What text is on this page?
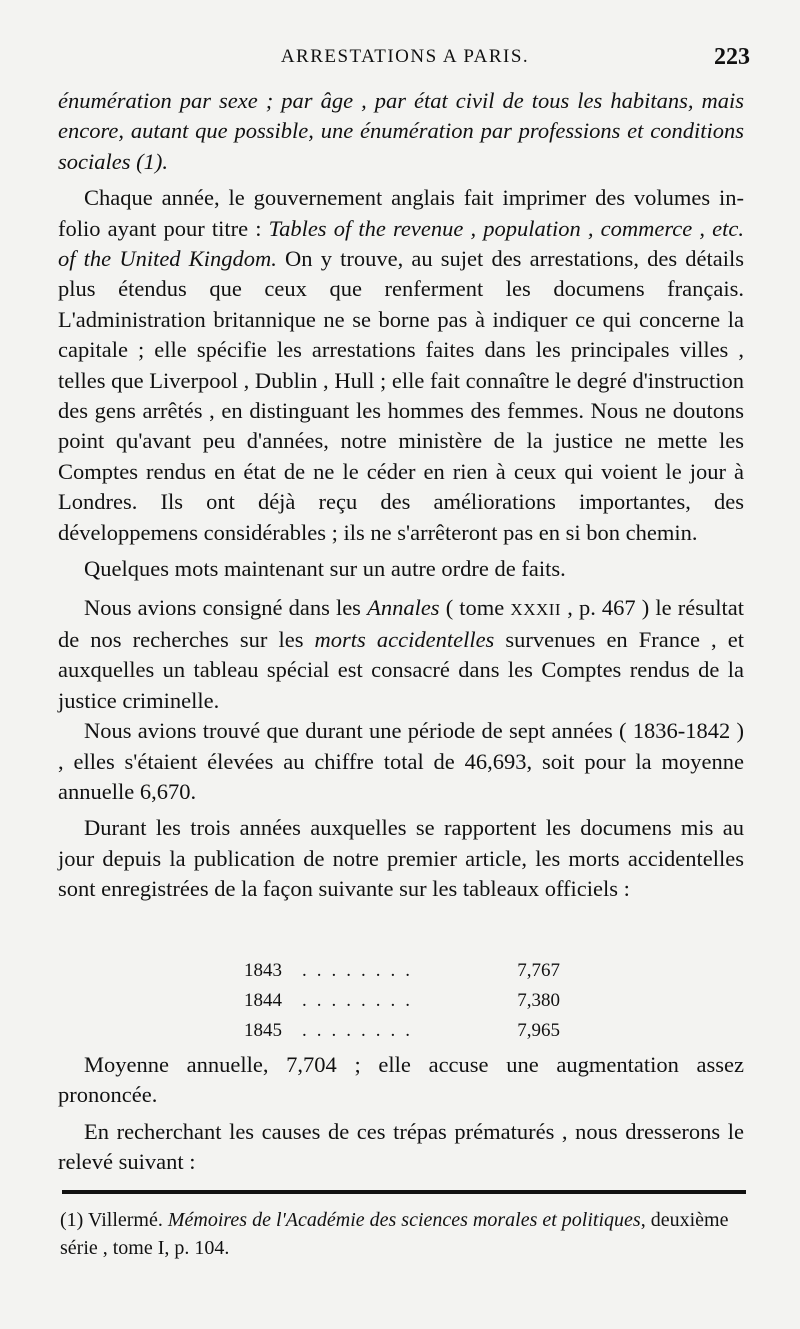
ARRESTATIONS A PARIS.	223

énumération par sexe ; par âge , par état civil de tous les habitans, mais encore, autant que possible, une énumération par professions et conditions sociales (1).

Chaque année, le gouvernement anglais fait imprimer des volumes in-folio ayant pour titre : Tables of the revenue , population , commerce , etc. of the United Kingdom. On y trouve, au sujet des arrestations, des détails plus étendus que ceux que renferment les documens français. L'administration britannique ne se borne pas à indiquer ce qui concerne la capitale ; elle spécifie les arrestations faites dans les principales villes , telles que Liverpool , Dublin , Hull ; elle fait connaître le degré d'instruction des gens arrêtés , en distinguant les hommes des femmes. Nous ne doutons point qu'avant peu d'années, notre ministère de la justice ne mette les Comptes rendus en état de ne le céder en rien à ceux qui voient le jour à Londres. Ils ont déjà reçu des améliorations importantes, des développemens considérables ; ils ne s'arrêteront pas en si bon chemin.

Quelques mots maintenant sur un autre ordre de faits.

Nous avions consigné dans les Annales ( tome XXXII , p. 467 ) le résultat de nos recherches sur les morts accidentelles survenues en France , et auxquelles un tableau spécial est consacré dans les Comptes rendus de la justice criminelle.

Nous avions trouvé que durant une période de sept années ( 1836-1842 ) , elles s'étaient élevées au chiffre total de 46,693, soit pour la moyenne annuelle 6,670.

Durant les trois années auxquelles se rapportent les documens mis au jour depuis la publication de notre premier article, les morts accidentelles sont enregistrées de la façon suivante sur les tableaux officiels :

1843 ........	7,767
1844 ........	7,380
1845 ........	7,965

Moyenne annuelle, 7,704 ; elle accuse une augmentation assez prononcée.

En recherchant les causes de ces trépas prématurés , nous dresserons le relevé suivant :

(1) Villermé. Mémoires de l'Académie des sciences morales et politiques, deuxième série , tome I, p. 104.
